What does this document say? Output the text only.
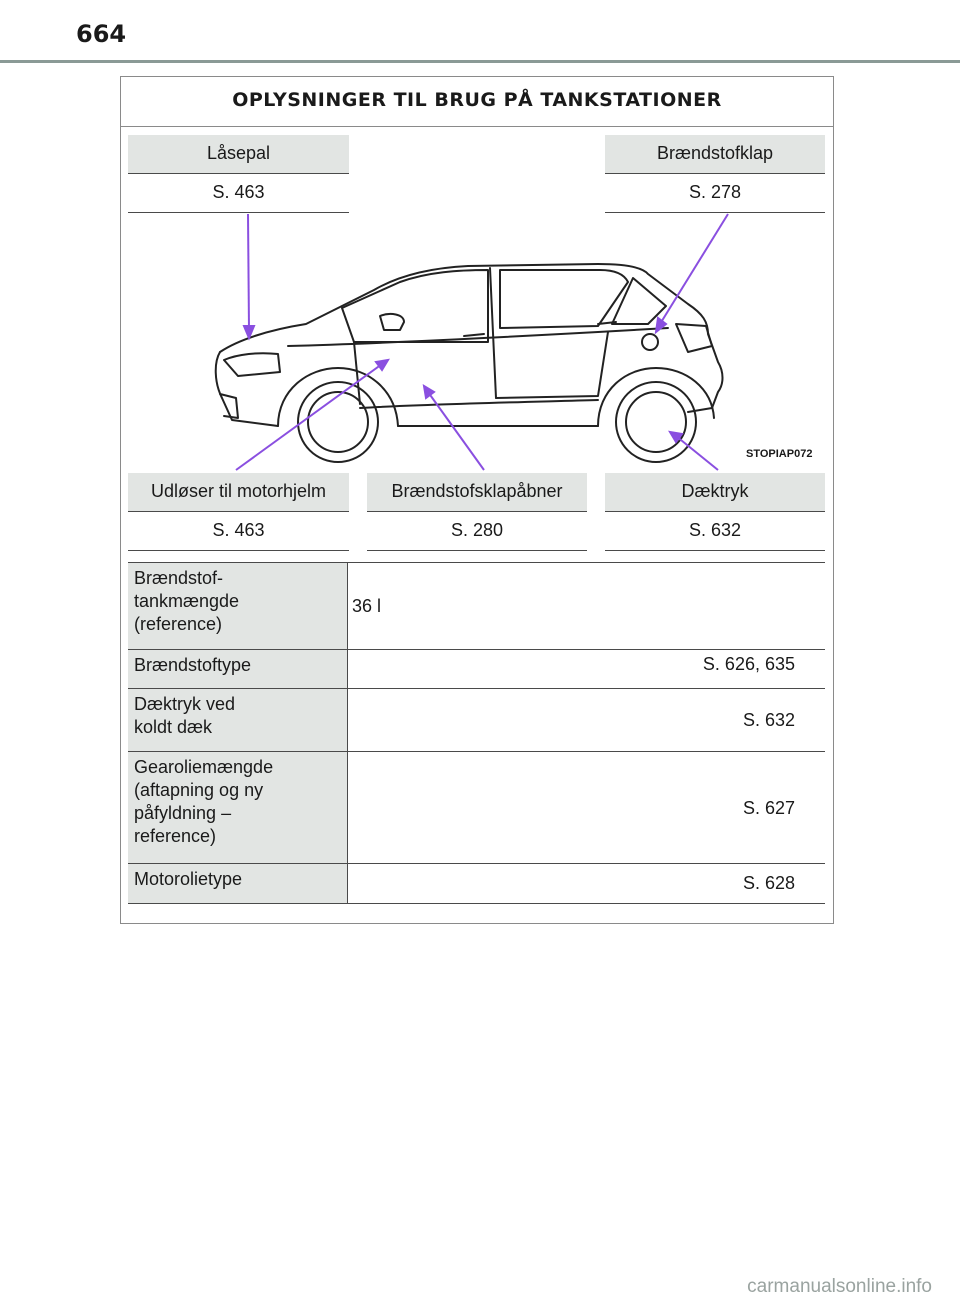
664
OPLYSNINGER TIL BRUG PÅ TANKSTATIONER
Låsepal
S. 463
Brændstofklap
S. 278
STOPIAP072
Udløser til motorhjelm
S. 463
Brændstofsklapåbner
S. 280
Dæktryk
S. 632
Brændstof-
tankmængde
(reference)
36 l
Brændstoftype	S. 626, 635
Dæktryk ved
koldt dæk	S. 632
Gearoliemængde
(aftapning og ny
påfyldning –
reference)
S. 627
Motorolietype	S. 628
carmanualsonline.info
